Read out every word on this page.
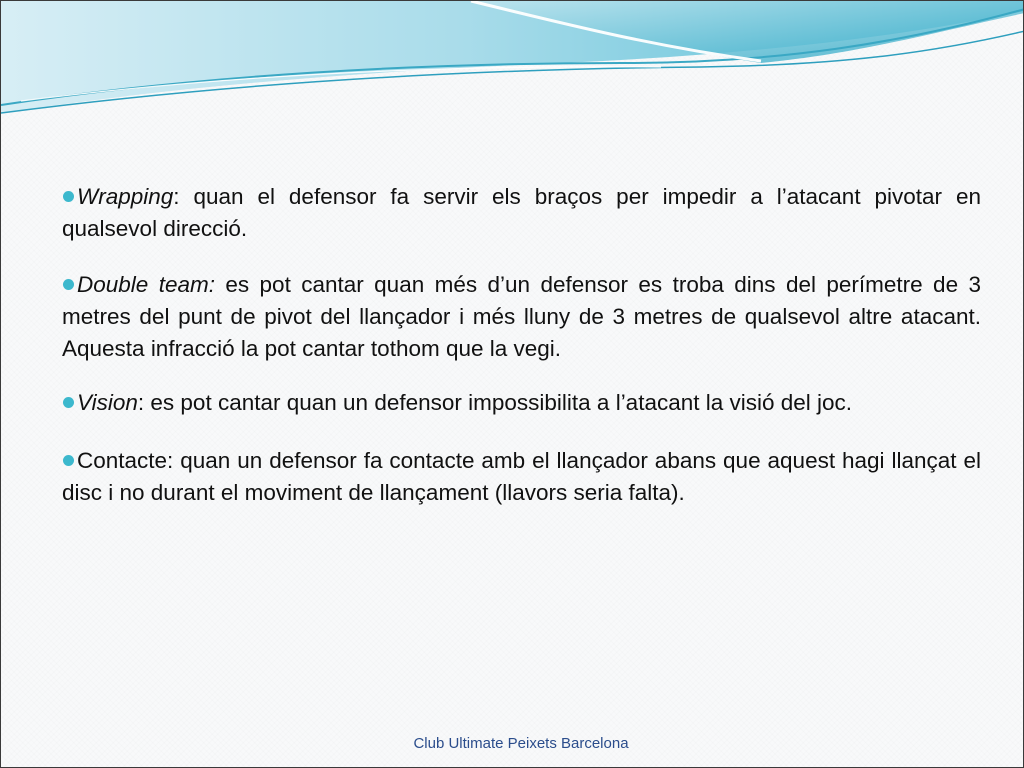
Wrapping: quan el defensor fa servir els braços per impedir a l’atacant pivotar en qualsevol direcció.

Double team: es pot cantar quan més d’un defensor es troba dins del perímetre de 3 metres del punt de pivot del llançador i més lluny de 3 metres de qualsevol altre atacant. Aquesta infracció la pot cantar tothom que la vegi.

Vision: es pot cantar quan un defensor impossibilita a l’atacant la visió del joc.

Contacte: quan un defensor fa contacte amb el llançador abans que aquest hagi llançat el disc i no durant el moviment de llançament (llavors seria falta).

Club Ultimate Peixets Barcelona
